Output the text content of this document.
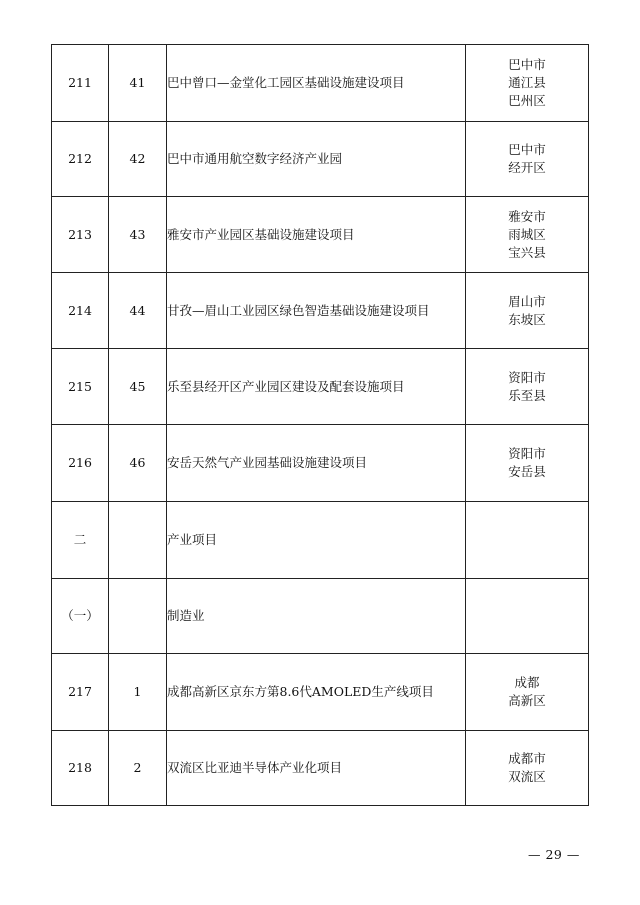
211	41	巴中曾口—金堂化工园区基础设施建设项目	巴中市
通江县
巴州区

212	42	巴中市通用航空数字经济产业园	巴中市
经开区

213	43	雅安市产业园区基础设施建设项目	雅安市
雨城区
宝兴县

214	44	甘孜—眉山工业园区绿色智造基础设施建设项目	眉山市
东坡区

215	45	乐至县经开区产业园区建设及配套设施项目	资阳市
乐至县

216	46	安岳天然气产业园基础设施建设项目	资阳市
安岳县

二		产业项目	
（一）		制造业	
217	1	成都高新区京东方第8.6代AMOLED生产线项目	成都
高新区

218	2	双流区比亚迪半导体产业化项目	成都市
双流区
— 29 —
